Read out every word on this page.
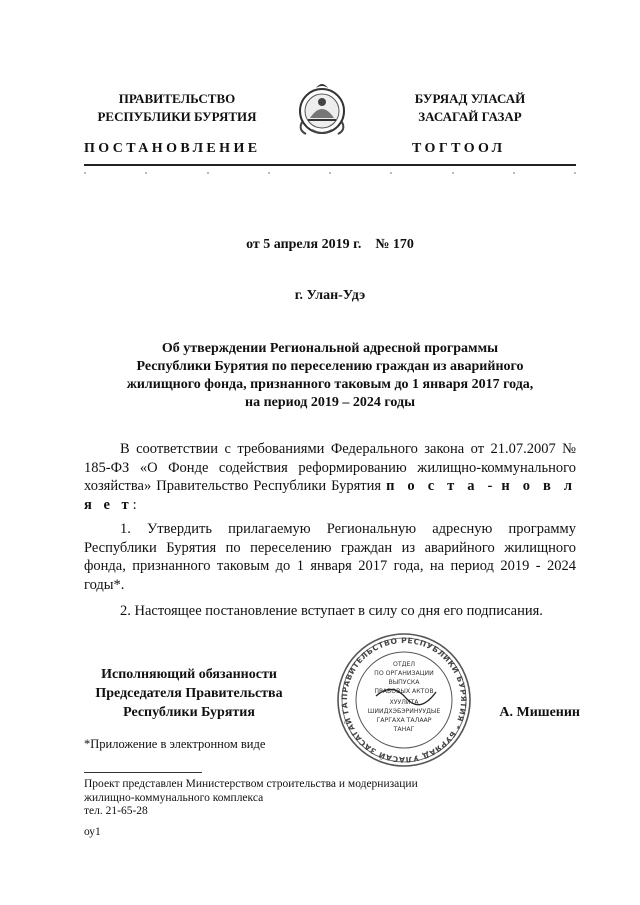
ПРАВИТЕЛЬСТВО
РЕСПУБЛИКИ БУРЯТИЯ
БУРЯАД УЛАСАЙ
ЗАСАГАЙ ГАЗАР
ПОСТАНОВЛЕНИЕ	ТОГТООЛ
от 5 апреля 2019 г.    № 170
г. Улан-Удэ
Об утверждении Региональной адресной программы
Республики Бурятия по переселению граждан из аварийного
жилищного фонда, признанного таковым до 1 января 2017 года,
на период 2019 – 2024 годы
В соответствии с требованиями Федерального закона от 21.07.2007 № 185-ФЗ «О Фонде содействия реформированию жилищно-коммунального хозяйства» Правительство Республики Бурятия п о с т а - н о в л я е т:
1. Утвердить прилагаемую Региональную адресную программу Республики Бурятия по переселению граждан из аварийного жилищного фонда, признанного таковым до 1 января 2017 года, на период 2019 - 2024 годы*.
2. Настоящее постановление вступает в силу со дня его подписания.
Исполняющий обязанности
Председателя Правительства
Республики Бурятия
ПРАВИТЕЛЬСТВО РЕСПУБЛИКИ БУРЯТИЯ * БУРЯАД УЛАСАЙ ЗАСАГАЙ ГА
ОТДЕЛ
ПО ОРГАНИЗАЦИИ
ВЫПУСКА
ПРАВОВЫХ АКТОВ
ХУУЛИТА
ШИИДХЭБЭРИНУУДЫЕ
ГАРГАХА ТАЛААР
ТАНАГ
А. Мишенин
*Приложение в электронном виде
Проект представлен Министерством строительства и модернизации
жилищно-коммунального комплекса
тел. 21-65-28
оу1
